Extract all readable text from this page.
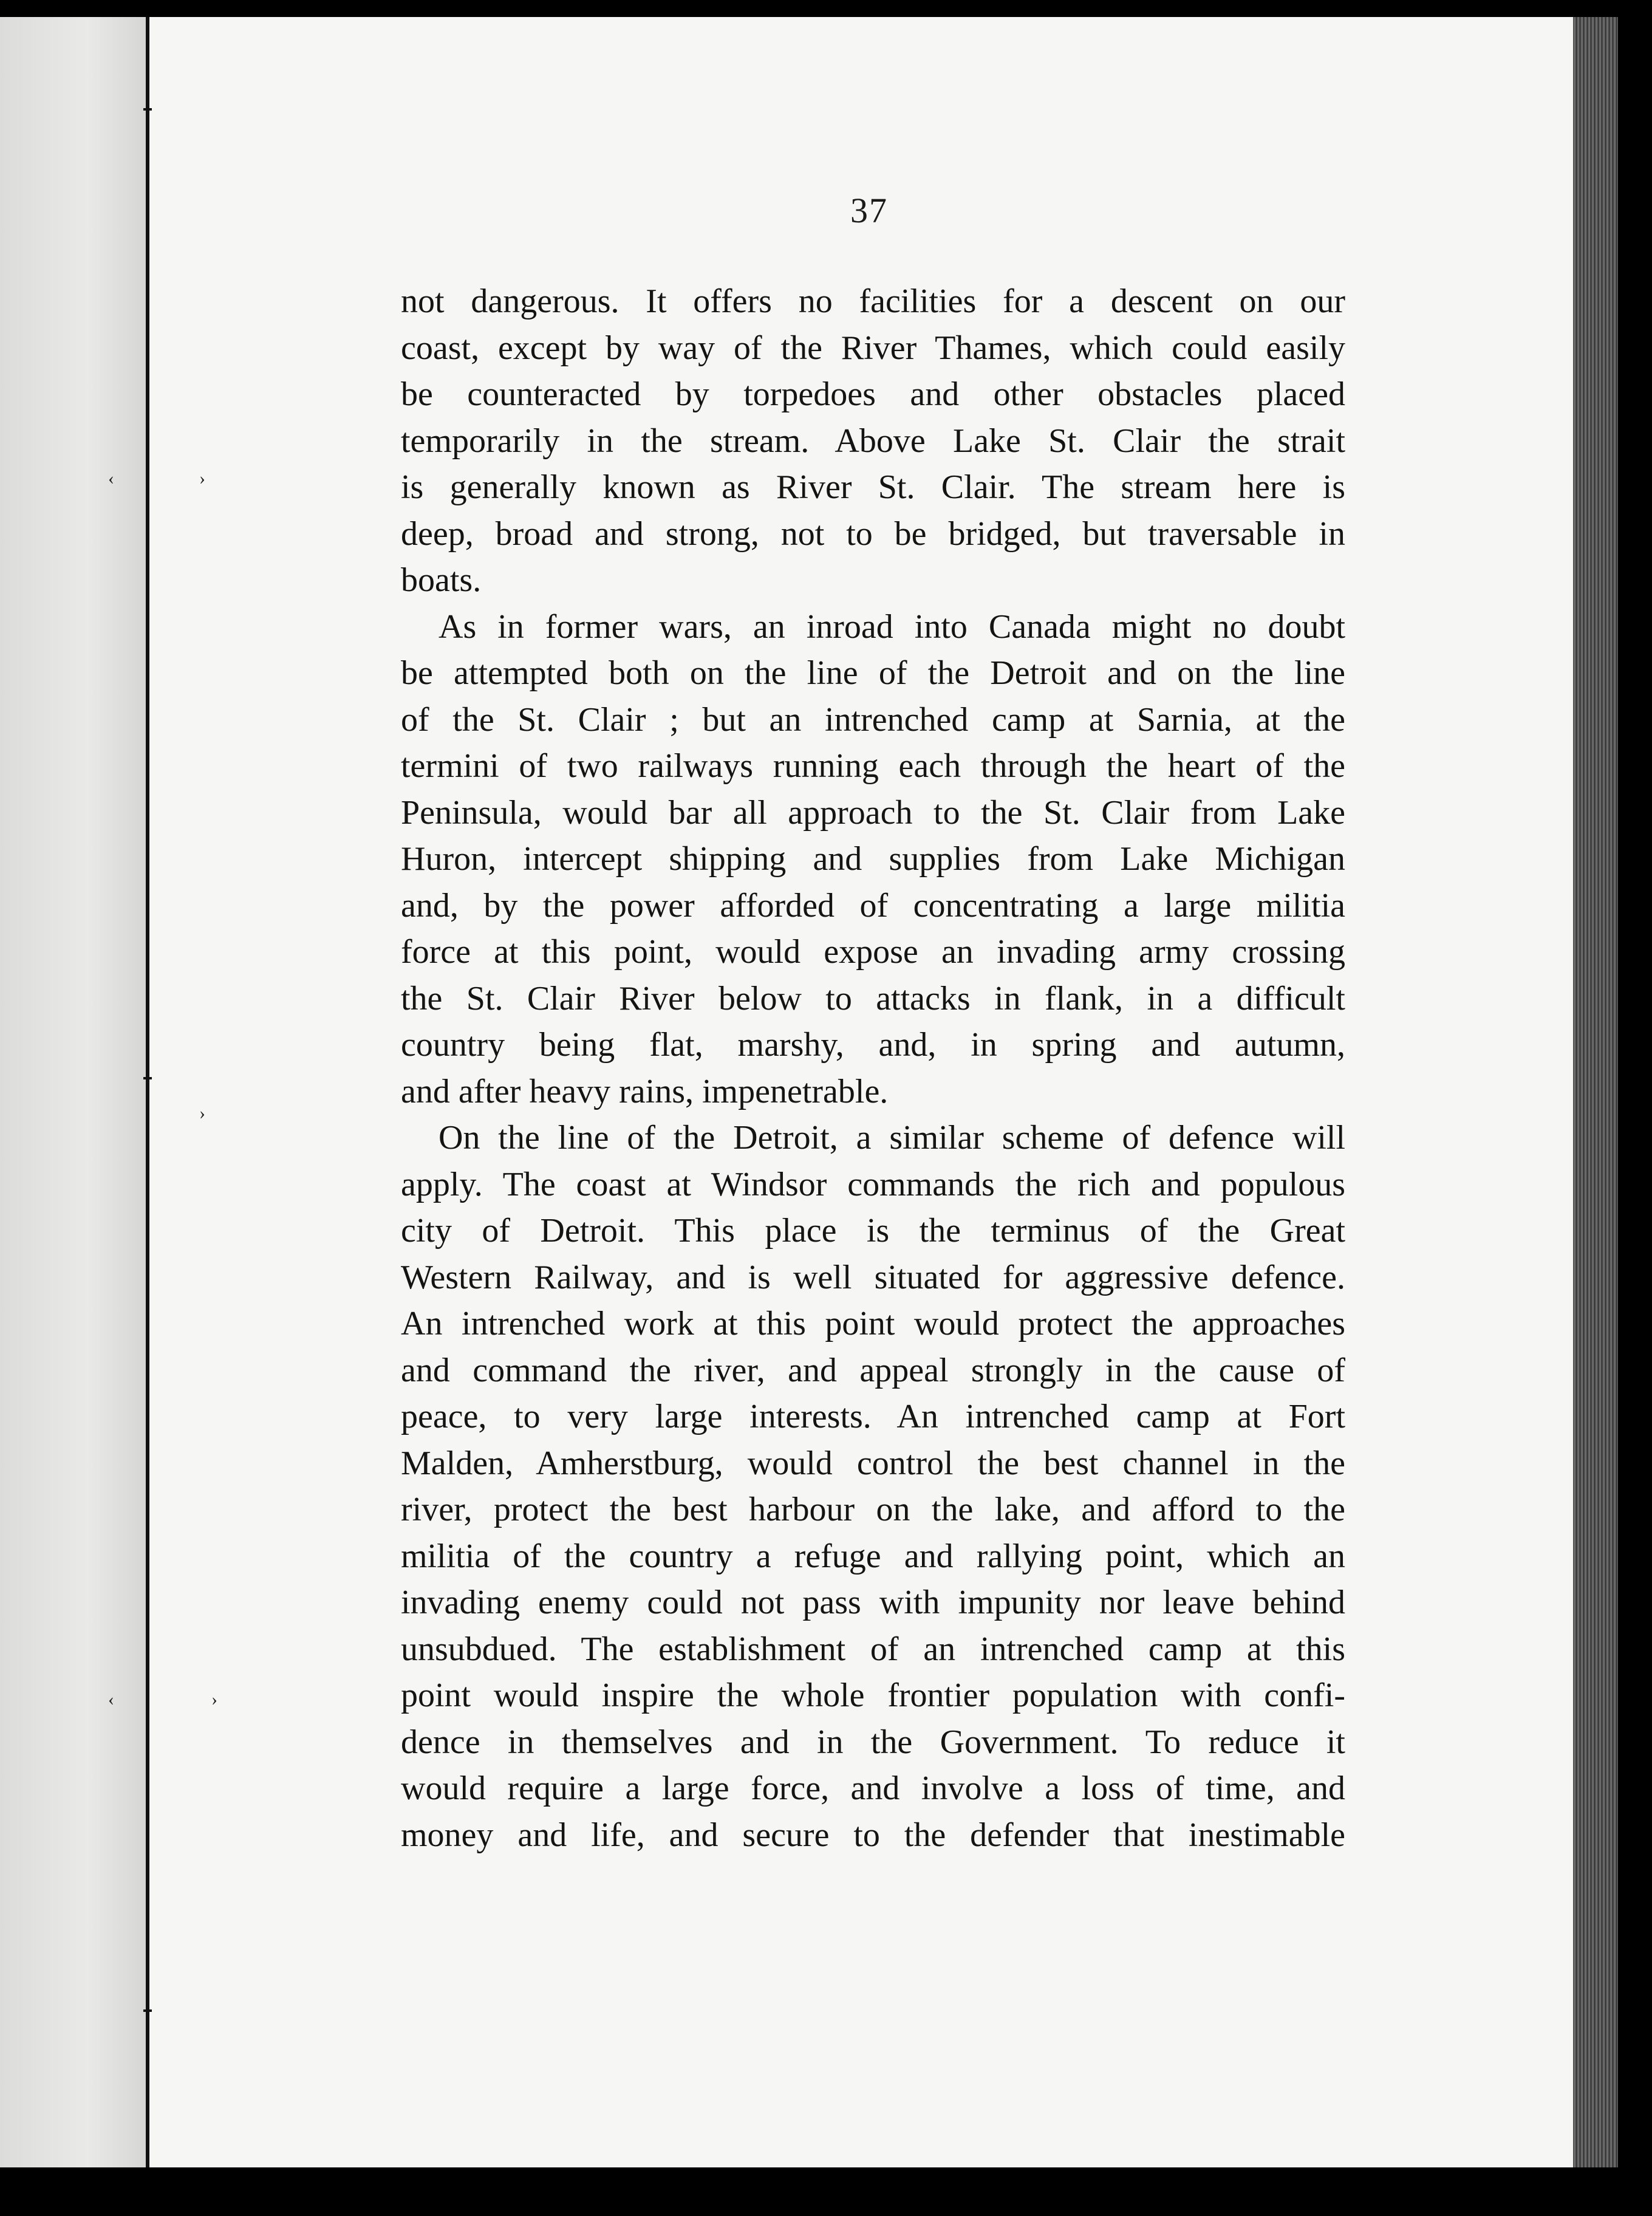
‹	›
›
‹	›
37
not dangerous. It offers no facilities for a descent on our
coast, except by way of the River Thames, which could easily
be counteracted by torpedoes and other obstacles placed
temporarily in the stream. Above Lake St. Clair the strait
is generally known as River St. Clair. The stream here is
deep, broad and strong, not to be bridged, but traversable in
boats.
As in former wars, an inroad into Canada might no doubt
be attempted both on the line of the Detroit and on the line
of the St. Clair ; but an intrenched camp at Sarnia, at the
termini of two railways running each through the heart of the
Peninsula, would bar all approach to the St. Clair from Lake
Huron, intercept shipping and supplies from Lake Michigan
and, by the power afforded of concentrating a large militia
force at this point, would expose an invading army crossing
the St. Clair River below to attacks in flank, in a difficult
country being flat, marshy, and, in spring and autumn,
and after heavy rains, impenetrable.
On the line of the Detroit, a similar scheme of defence will
apply. The coast at Windsor commands the rich and populous
city of Detroit. This place is the terminus of the Great
Western Railway, and is well situated for aggressive defence.
An intrenched work at this point would protect the approaches
and command the river, and appeal strongly in the cause of
peace, to very large interests. An intrenched camp at Fort
Malden, Amherstburg, would control the best channel in the
river, protect the best harbour on the lake, and afford to the
militia of the country a refuge and rallying point, which an
invading enemy could not pass with impunity nor leave behind
unsubdued. The establishment of an intrenched camp at this
point would inspire the whole frontier population with confi-
dence in themselves and in the Government. To reduce it
would require a large force, and involve a loss of time, and
money and life, and secure to the defender that inestimable
